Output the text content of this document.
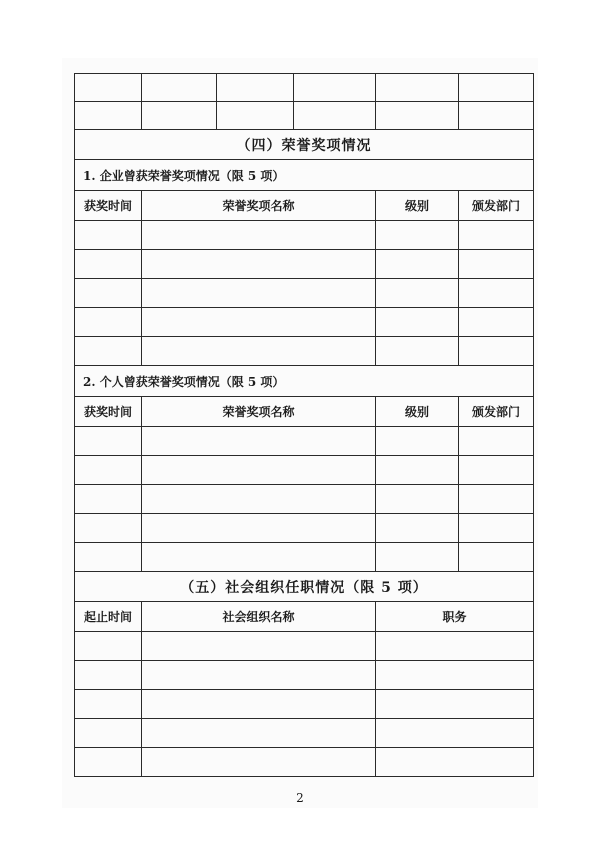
（四）荣誉奖项情况					
1. 企业曾获荣誉奖项情况（限 5 项）					
获奖时间	荣誉奖项名称			级别	颁发部门

2. 个人曾获荣誉奖项情况（限 5 项）					
获奖时间	荣誉奖项名称			级别	颁发部门

（五）社会组织任职情况（限 5 项）					
起止时间	社会组织名称			职务	

2
